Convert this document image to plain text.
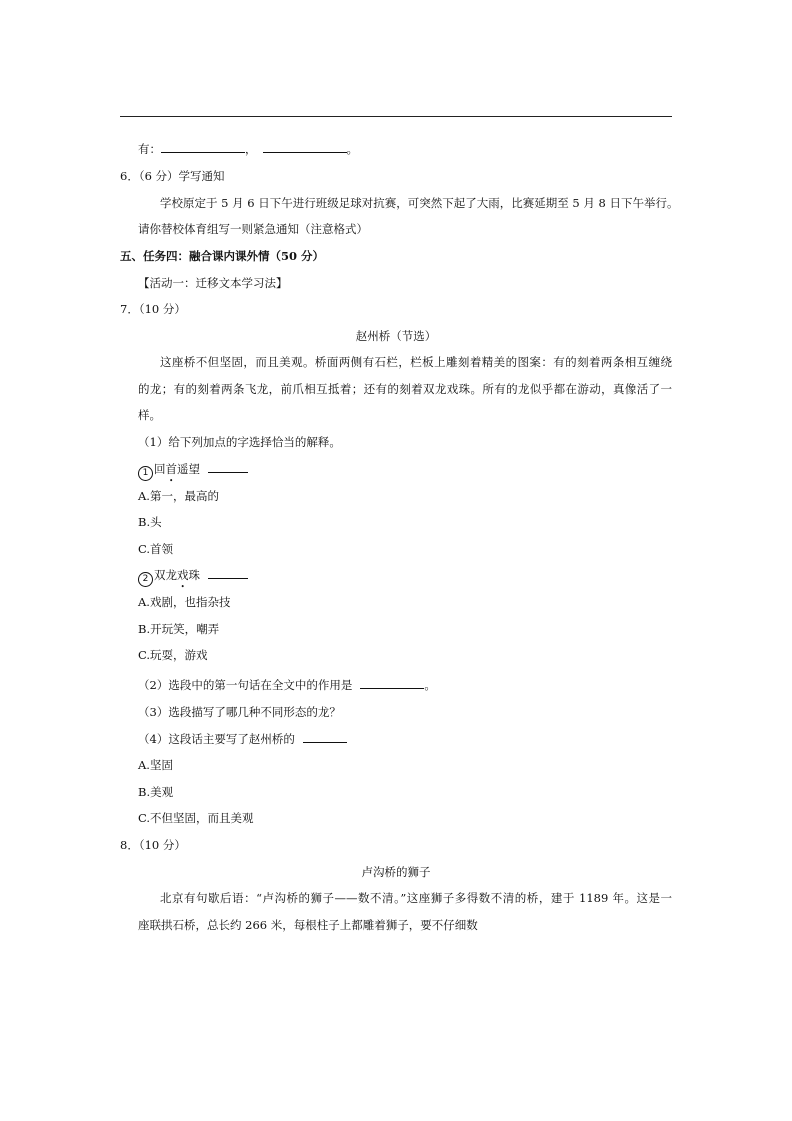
有：	，	。
6．（6 分）学写通知
学校原定于 5 月 6 日下午进行班级足球对抗赛，可突然下起了大雨，比赛延期至 5 月 8 日下午举行。
请你替校体育组写一则紧急通知（注意格式）
五、任务四：融合课内课外情（50 分）
【活动一：迁移文本学习法】
7．（10 分）
赵州桥（节选）
这座桥不但坚固，而且美观。桥面两侧有石栏，栏板上雕刻着精美的图案：有的刻着两条相互缠绕
的龙；有的刻着两条飞龙，前爪相互抵着；还有的刻着双龙戏珠。所有的龙似乎都在游动，真像活了一
样。
（1）给下列加点的字选择恰当的解释。
1 回首遥望
A.第一，最高的
B.头
C.首领
2 双龙戏珠
A.戏剧，也指杂技
B.开玩笑，嘲弄
C.玩耍，游戏
（2）选段中的第一句话在全文中的作用是	。
（3）选段描写了哪几种不同形态的龙？
（4）这段话主要写了赵州桥的
A.坚固
B.美观
C.不但坚固，而且美观
8．（10 分）
卢沟桥的狮子
北京有句歇后语：“卢沟桥的狮子——数不清。”这座狮子多得数不清的桥，建于 1189 年。这是一
座联拱石桥，总长约 266 米，每根柱子上都雕着狮子，要不仔细数
